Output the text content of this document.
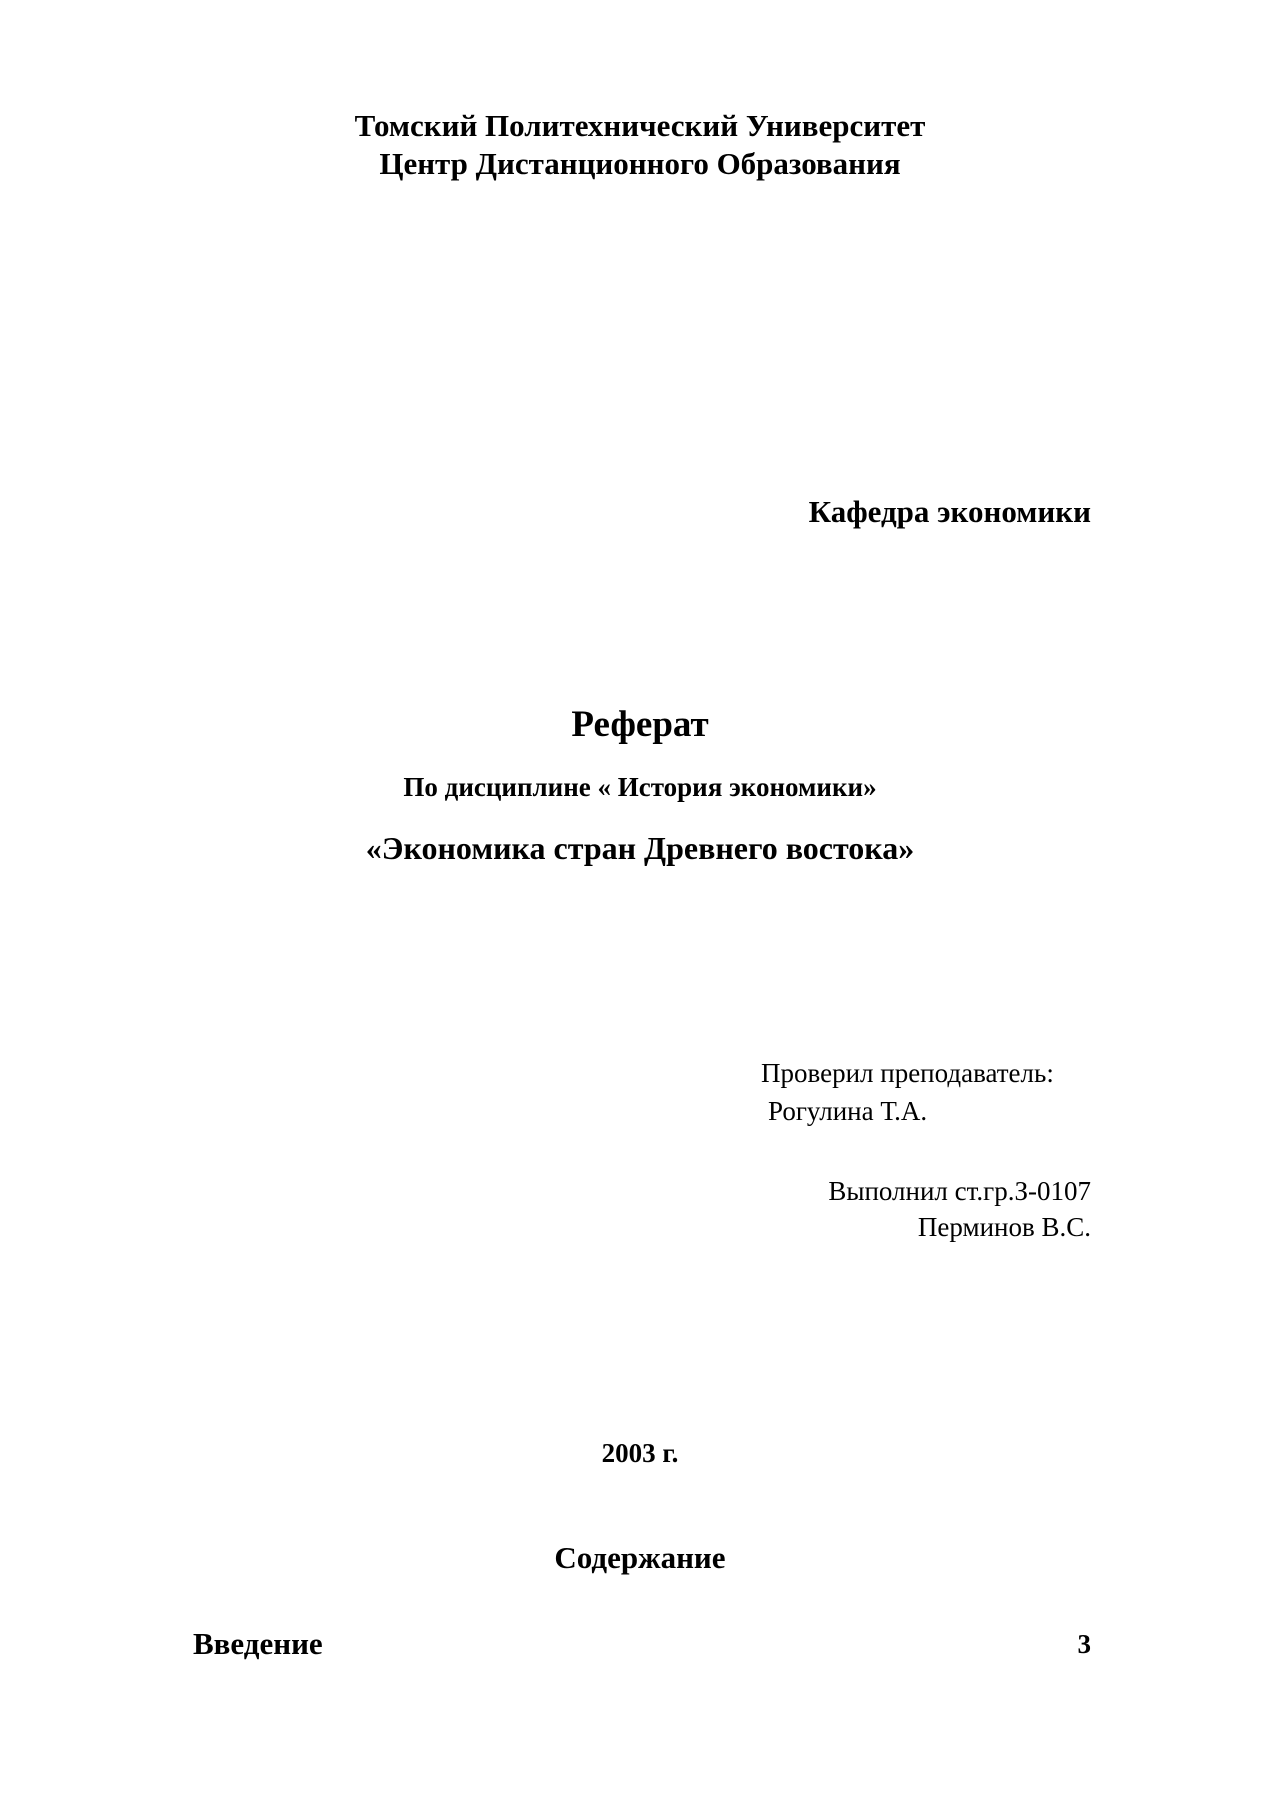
Томский Политехнический Университет
Центр Дистанционного Образования
Кафедра экономики
Реферат
По дисциплине « История экономики»
«Экономика стран Древнего востока»
Проверил преподаватель:
Рогулина Т.А.
Выполнил ст.гр.З-0107
Перминов В.С.
2003 г.
Содержание
Введение	3
